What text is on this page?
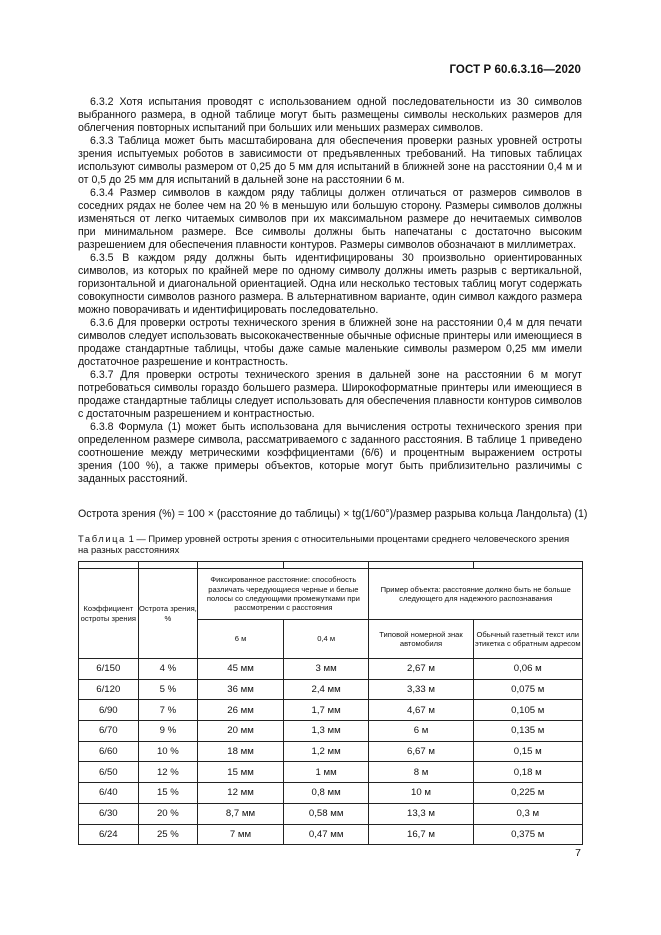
ГОСТ Р 60.6.3.16—2020

6.3.2 Хотя испытания проводят с использованием одной последовательности из 30 символов выбранного размера, в одной таблице могут быть размещены символы нескольких размеров для облегчения повторных испытаний при больших или меньших размерах символов.

6.3.3 Таблица может быть масштабирована для обеспечения проверки разных уровней остроты зрения испытуемых роботов в зависимости от предъявленных требований. На типовых таблицах используют символы размером от 0,25 до 5 мм для испытаний в ближней зоне на расстоянии 0,4 м и от 0,5 до 25 мм для испытаний в дальней зоне на расстоянии 6 м.

6.3.4 Размер символов в каждом ряду таблицы должен отличаться от размеров символов в соседних рядах не более чем на 20 % в меньшую или большую сторону. Размеры символов должны изменяться от легко читаемых символов при их максимальном размере до нечитаемых символов при минимальном размере. Все символы должны быть напечатаны с достаточно высоким разрешением для обеспечения плавности контуров. Размеры символов обозначают в миллиметрах.

6.3.5 В каждом ряду должны быть идентифицированы 30 произвольно ориентированных символов, из которых по крайней мере по одному символу должны иметь разрыв с вертикальной, горизонтальной и диагональной ориентацией. Одна или несколько тестовых таблиц могут содержать совокупности символов разного размера. В альтернативном варианте, один символ каждого размера можно поворачивать и идентифицировать последовательно.

6.3.6 Для проверки остроты технического зрения в ближней зоне на расстоянии 0,4 м для печати символов следует использовать высококачественные обычные офисные принтеры или имеющиеся в продаже стандартные таблицы, чтобы даже самые маленькие символы размером 0,25 мм имели достаточное разрешение и контрастность.

6.3.7 Для проверки остроты технического зрения в дальней зоне на расстоянии 6 м могут потребоваться символы гораздо большего размера. Широкоформатные принтеры или имеющиеся в продаже стандартные таблицы следует использовать для обеспечения плавности контуров символов с достаточным разрешением и контрастностью.

6.3.8 Формула (1) может быть использована для вычисления остроты технического зрения при определенном размере символа, рассматриваемого с заданного расстояния. В таблице 1 приведено соотношение между метрическими коэффициентами (6/6) и процентным выражением остроты зрения (100 %), а также примеры объектов, которые могут быть приблизительно различимы с заданных расстояний.

Острота зрения (%) = 100 × (расстояние до таблицы) × tg(1/60°)/размер разрыва кольца Ландольта) (1)
Таблица 1 — Пример уровней остроты зрения с относительными процентами среднего человеческого зрения на разных расстояниях

Коэффициент остроты зрения	Острота зрения, %	Фиксированное расстояние: способность различать чередующиеся черные и белые полосы со следующими промежутками при рассмотрении с расстояния		Пример объекта: расстояние должно быть не больше следующего для надежного распознавания	
		6 м	0,4 м	Типовой номерной знак автомобиля	Обычный газетный текст или этикетка с обратным адресом
6/150	4 %	45 мм	3 мм	2,67 м	0,06 м
6/120	5 %	36 мм	2,4 мм	3,33 м	0,075 м
6/90	7 %	26 мм	1,7 мм	4,67 м	0,105 м
6/70	9 %	20 мм	1,3 мм	6 м	0,135 м
6/60	10 %	18 мм	1,2 мм	6,67 м	0,15 м
6/50	12 %	15 мм	1 мм	8 м	0,18 м
6/40	15 %	12 мм	0,8 мм	10 м	0,225 м
6/30	20 %	8,7 мм	0,58 мм	13,3 м	0,3 м
6/24	25 %	7 мм	0,47 мм	16,7 м	0,375 м
7
